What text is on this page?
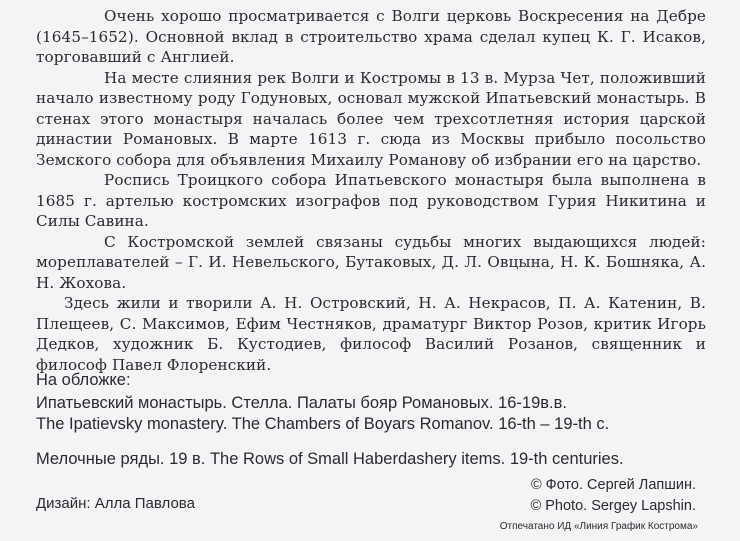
Очень хорошо просматривается с Волги церковь Воскресения на Дебре (1645–1652). Основной вклад в строительство храма сделал купец К. Г. Исаков, торговавший с Англией.

На месте слияния рек Волги и Костромы в 13 в. Мурза Чет, положивший начало известному роду Годуновых, основал мужской Ипатьевский монастырь. В стенах этого монастыря началась более чем трехсотлетняя история царской династии Романовых. В марте 1613 г. сюда из Москвы прибыло посольство Земского собора для объявления Михаилу Романову об избрании его на царство.

Роспись Троицкого собора Ипатьевского монастыря была выполнена в 1685 г. артелью костромских изографов под руководством Гурия Никитина и Силы Савина.

С Костромской землей связаны судьбы многих выдающихся людей: мореплавателей – Г. И. Невельского, Бутаковых, Д. Л. Овцына, Н. К. Бошняка, А. Н. Жохова.

Здесь жили и творили А. Н. Островский, Н. А. Некрасов, П. А. Катенин, В. Плещеев, С. Максимов, Ефим Честняков, драматург Виктор Розов, критик Игорь Дедков, художник Б. Кустодиев, философ Василий Розанов, священник и философ Павел Флоренский.

На обложке:
Ипатьевский монастырь. Стелла. Палаты бояр Романовых. 16-19в.в.
The Ipatievsky monastery. The Chambers of Boyars Romanov. 16-th – 19-th c.
Мелочные ряды. 19 в. The Rows of Small Haberdashery items. 19-th centuries.
© Фото. Сергей Лапшин.
© Photo. Sergey Lapshin.
Дизайн: Алла Павлова
Отпечатано ИД «Линия График Кострома»
